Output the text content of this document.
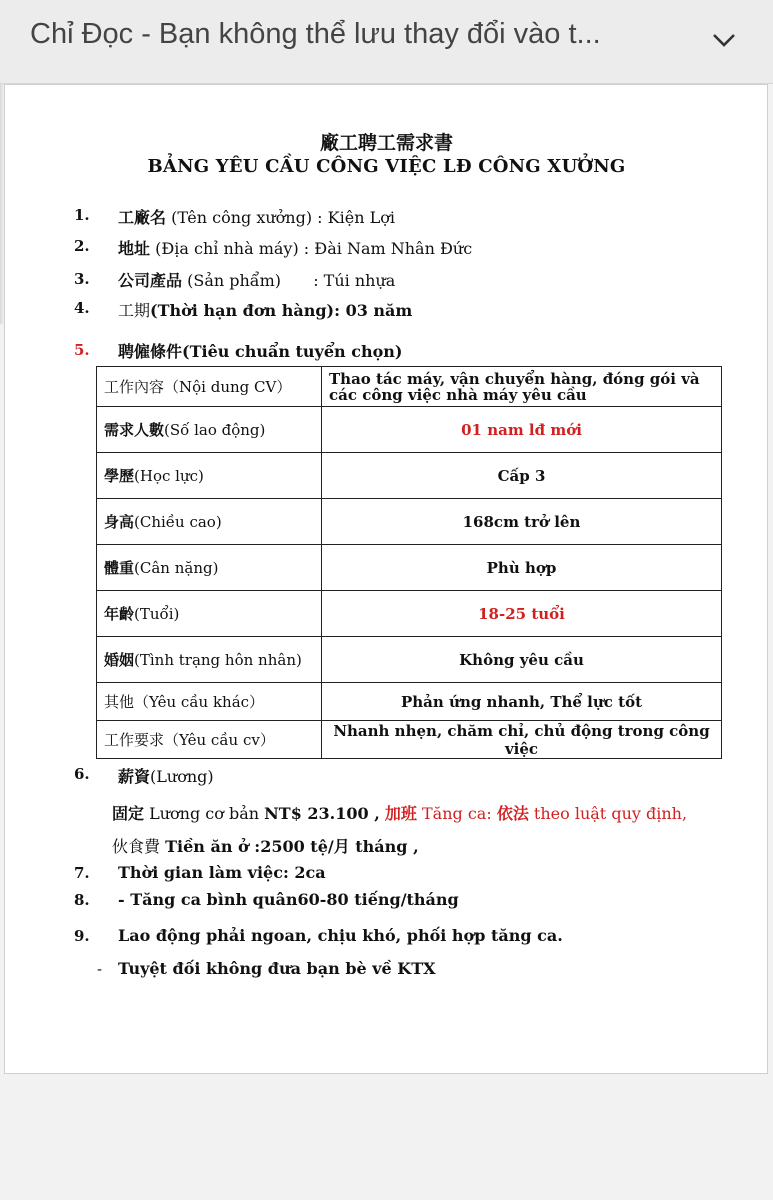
Chỉ Đọc - Bạn không thể lưu thay đổi vào t...
廠工聘工需求書
BẢNG YÊU CẦU CÔNG VIỆC LĐ CÔNG XƯỞNG
1. 工廠名 (Tên công xưởng) : Kiện Lợi
2. 地址 (Địa chỉ nhà máy) : Đài Nam Nhân Đức
3. 公司產品 (Sản phẩm) : Túi nhựa
4. 工期(Thời hạn đơn hàng): 03 năm
5. 聘僱條件(Tiêu chuẩn tuyển chọn)
工作內容（Nội dung CV）	Thao tác máy, vận chuyển hàng, đóng gói và các công việc nhà máy yêu cầu
需求人數(Số lao động)	01 nam lđ mới
學歷(Học lực)	Cấp 3
身高(Chiều cao)	168cm trở lên
體重(Cân nặng)	Phù hợp
年齡(Tuổi)	18-25 tuổi
婚姻(Tình trạng hôn nhân)	Không yêu cầu
其他（Yêu cầu khác）	Phản ứng nhanh, Thể lực tốt
工作要求（Yêu cầu cv）	Nhanh nhẹn, chăm chỉ, chủ động trong công việc
6. 薪資(Lương)
固定 Lương cơ bản NT$ 23.100 , 加班 Tăng ca: 依法 theo luật quy định,
伙食費 Tiền ăn ở :2500 tệ/月 tháng ,
7. Thời gian làm việc: 2ca
8. - Tăng ca bình quân60-80 tiếng/tháng
9. Lao động phải ngoan, chịu khó, phối hợp tăng ca.
- Tuyệt đối không đưa bạn bè về KTX
